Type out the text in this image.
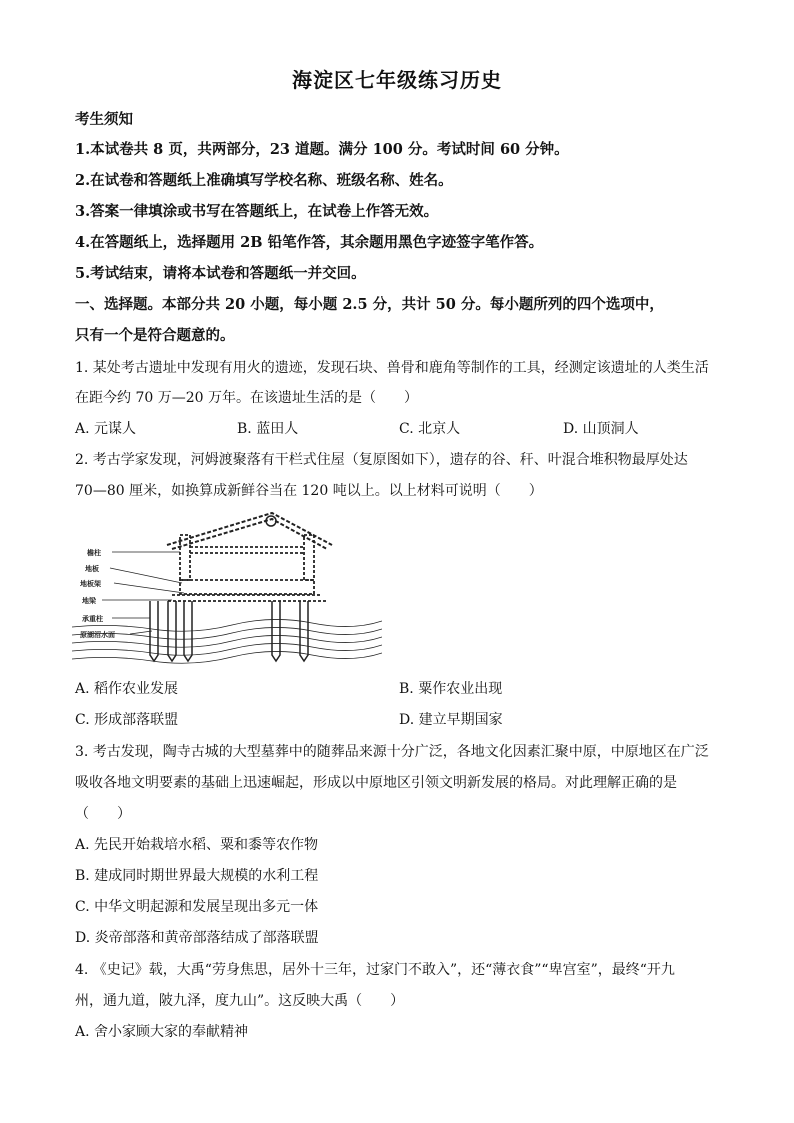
海淀区七年级练习历史
考生须知
1.本试卷共 8 页，共两部分，23 道题。满分 100 分。考试时间 60 分钟。
2.在试卷和答题纸上准确填写学校名称、班级名称、姓名。
3.答案一律填涂或书写在答题纸上，在试卷上作答无效。
4.在答题纸上，选择题用 2B 铅笔作答，其余题用黑色字迹签字笔作答。
5.考试结束，请将本试卷和答题纸一并交回。
一、选择题。本部分共 20 小题，每小题 2.5 分，共计 50 分。每小题所列的四个选项中，
只有一个是符合题意的。
1. 某处考古遗址中发现有用火的遗迹，发现石块、兽骨和鹿角等制作的工具，经测定该遗址的人类生活
在距今约 70 万—20 万年。在该遗址生活的是（　　）
A. 元谋人	B. 蓝田人	C. 北京人	D. 山顶洞人
2. 考古学家发现，河姆渡聚落有干栏式住屋（复原图如下），遗存的谷、秆、叶混合堆积物最厚处达
70—80 厘米，如换算成新鲜谷当在 120 吨以上。以上材料可说明（　　）
檐柱
地板
地板架
地梁
承重柱
原湖沼水面
A. 稻作农业发展	B. 粟作农业出现
C. 形成部落联盟	D. 建立早期国家
3. 考古发现，陶寺古城的大型墓葬中的随葬品来源十分广泛，各地文化因素汇聚中原，中原地区在广泛
吸收各地文明要素的基础上迅速崛起，形成以中原地区引领文明新发展的格局。对此理解正确的是
（　　）
A. 先民开始栽培水稻、粟和黍等农作物
B. 建成同时期世界最大规模的水利工程
C. 中华文明起源和发展呈现出多元一体
D. 炎帝部落和黄帝部落结成了部落联盟
4. 《史记》载，大禹“劳身焦思，居外十三年，过家门不敢入”，还“薄衣食”“卑宫室”，最终“开九
州，通九道，陂九泽，度九山”。这反映大禹（　　）
A. 舍小家顾大家的奉献精神
